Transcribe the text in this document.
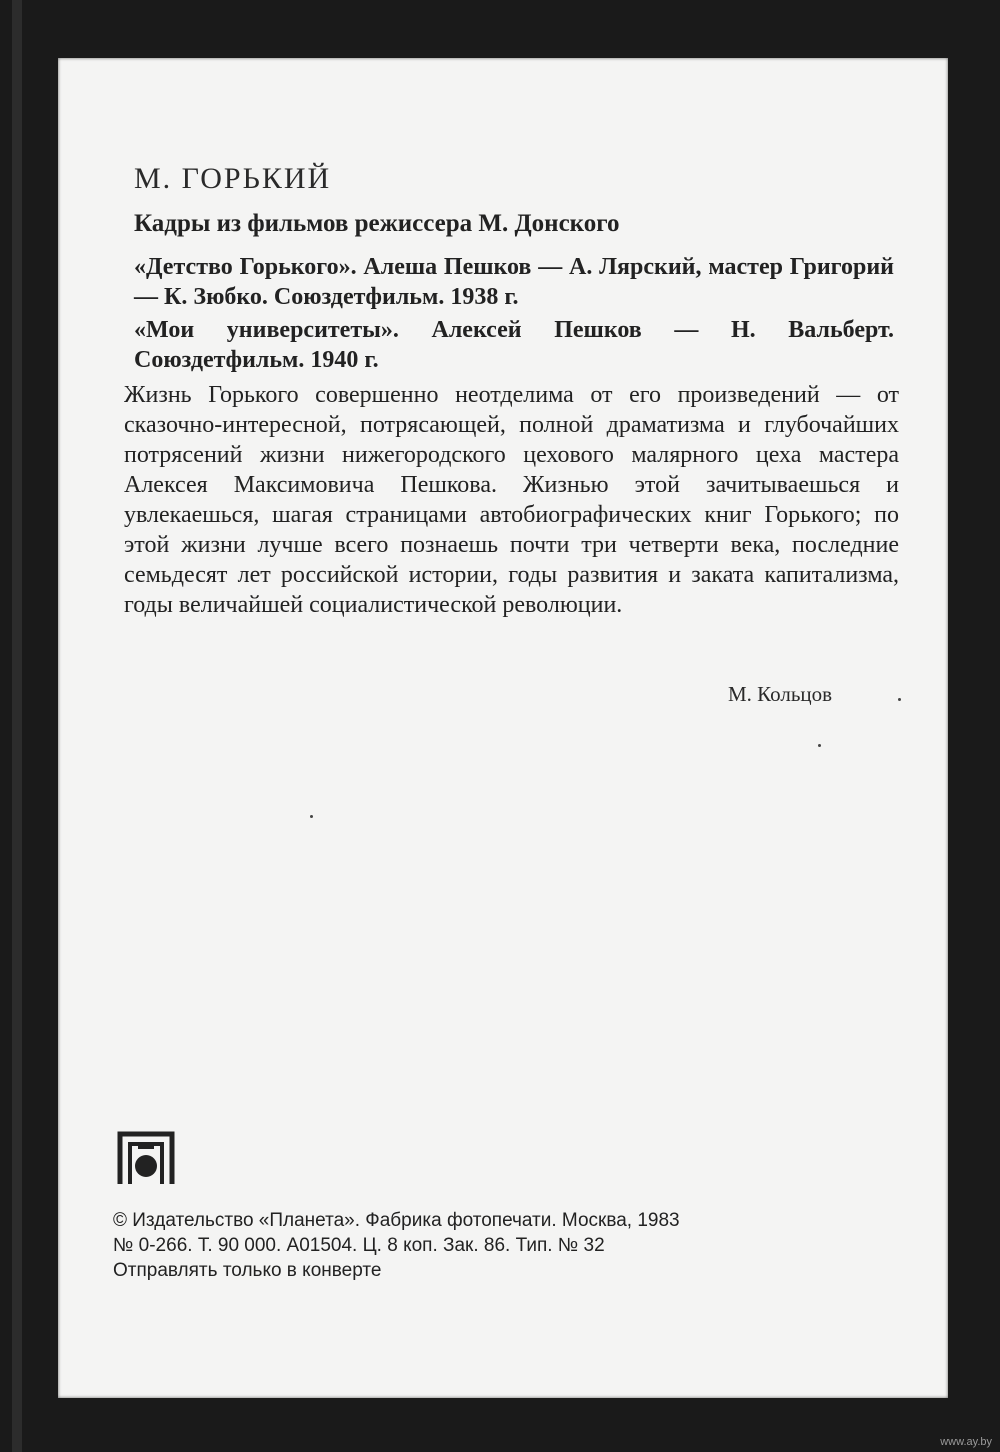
М. ГОРЬКИЙ
Кадры из фильмов режиссера М. Донского

«Детство Горького». Алеша Пешков — А. Лярский, мастер Григорий — К. Зюбко. Союздетфильм. 1938 г.

«Мои университеты». Алексей Пешков — Н. Вальберт. Союздетфильм. 1940 г.

Жизнь Горького совершенно неотделима от его произведений — от сказочно-интересной, потрясающей, полной драматизма и глубочайших потрясений жизни нижегородского цехового малярного цеха мастера Алексея Максимовича Пешкова. Жизнью этой зачитываешься и увлекаешься, шагая страницами автобиографических книг Горького; по этой жизни лучше всего познаешь почти три четверти века, последние семьдесят лет российской истории, годы развития и заката капитализма, годы величайшей социалистической революции.

М. Кольцов

© Издательство «Планета». Фабрика фотопечати. Москва, 1983
№ 0-266. Т. 90 000. А01504. Ц. 8 коп. Зак. 86. Тип. № 32
Отправлять только в конверте

www.ay.by
